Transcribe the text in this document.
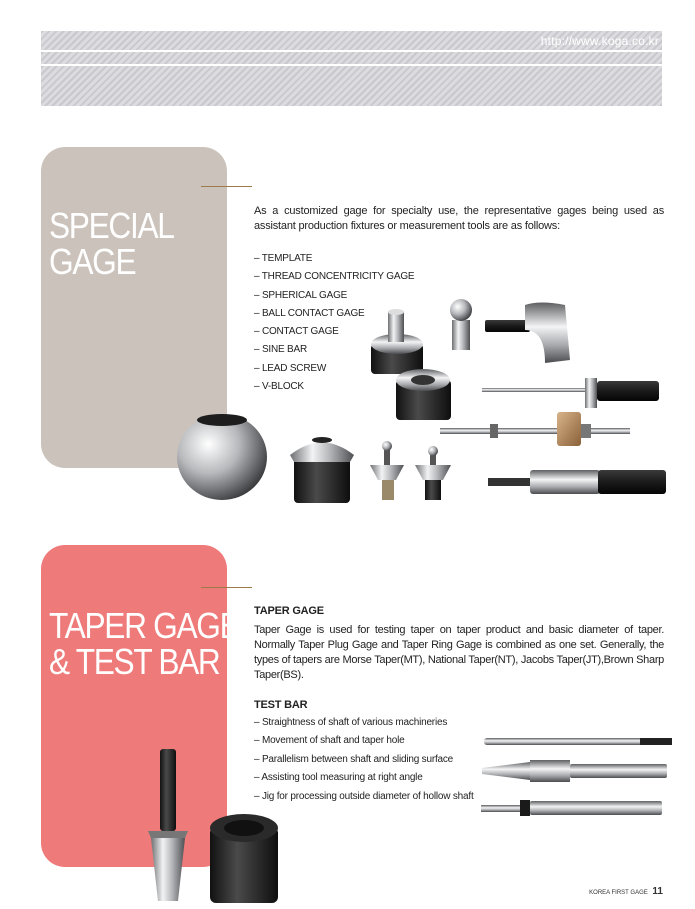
http://www.koga.co.kr
SPECIAL
GAGE
TAPER GAGE
& TEST BAR
As a customized gage for specialty use, the representative gages being used as assistant production fixtures or measurement tools are as follows:
– TEMPLATE
– THREAD CONCENTRICITY GAGE
– SPHERICAL GAGE
– BALL CONTACT GAGE
– CONTACT GAGE
– SINE BAR
– LEAD SCREW
– V-BLOCK
TAPER GAGE
Taper Gage is used for testing taper on taper product and basic diameter of taper. Normally Taper Plug Gage and Taper Ring Gage is combined as one set. Generally, the types of tapers are Morse Taper(MT), National Taper(NT), Jacobs Taper(JT),Brown Sharp Taper(BS).
TEST BAR
– Straightness of shaft of various machineries
– Movement of shaft and taper hole
– Parallelism between shaft and sliding surface
– Assisting tool measuring at right angle
– Jig for processing outside diameter of hollow shaft
KOREA FIRST GAGE 11
